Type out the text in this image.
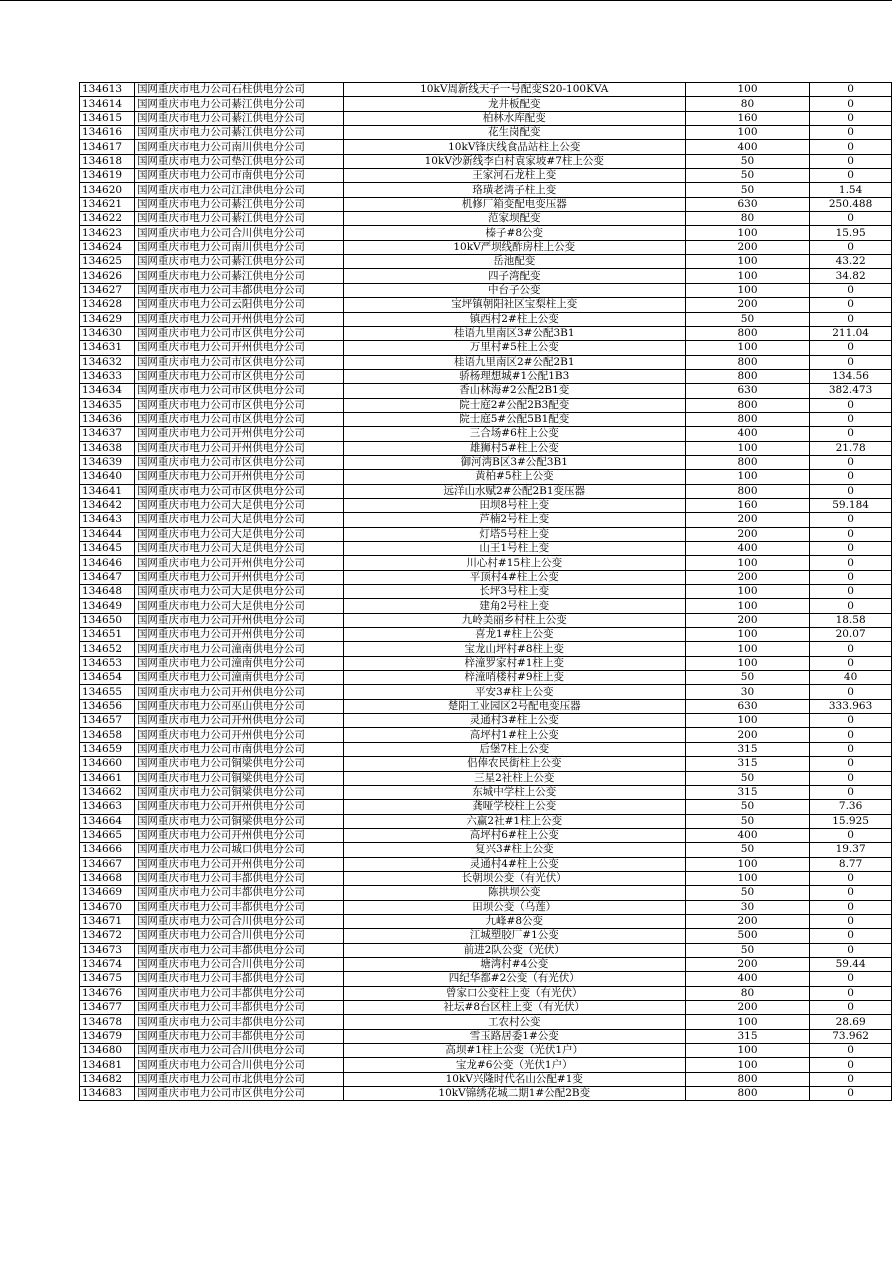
134613	国网重庆市电力公司石柱供电分公司	10kV周新线天子一号配变S20-100KVA	100	0
134614	国网重庆市电力公司綦江供电分公司	龙井板配变	80	0
134615	国网重庆市电力公司綦江供电分公司	柏林水库配变	160	0
134616	国网重庆市电力公司綦江供电分公司	花生岗配变	100	0
134617	国网重庆市电力公司南川供电分公司	10kV锋庆线食品站柱上公变	400	0
134618	国网重庆市电力公司垫江供电分公司	10kV沙新线李白村袁家坡#7柱上公变	50	0
134619	国网重庆市电力公司市南供电分公司	王家河石龙柱上变	50	0
134620	国网重庆市电力公司江津供电分公司	珞璜老湾子柱上变	50	1.54
134621	国网重庆市电力公司綦江供电分公司	机修厂箱变配电变压器	630	250.488
134622	国网重庆市电力公司綦江供电分公司	范家坝配变	80	0
134623	国网重庆市电力公司合川供电分公司	榛子#8公变	100	15.95
134624	国网重庆市电力公司南川供电分公司	10kV严坝线酢房柱上公变	200	0
134625	国网重庆市电力公司綦江供电分公司	岳池配变	100	43.22
134626	国网重庆市电力公司綦江供电分公司	四子湾配变	100	34.82
134627	国网重庆市电力公司丰都供电分公司	中台子公变	100	0
134628	国网重庆市电力公司云阳供电分公司	宝坪镇朝阳社区宝梨柱上变	200	0
134629	国网重庆市电力公司开州供电分公司	镇西村2#柱上公变	50	0
134630	国网重庆市电力公司市区供电分公司	桂语九里南区3#公配3B1	800	211.04
134631	国网重庆市电力公司开州供电分公司	万里村#5柱上公变	100	0
134632	国网重庆市电力公司市区供电分公司	桂语九里南区2#公配2B1	800	0
134633	国网重庆市电力公司市区供电分公司	骄杨理想城#1公配1B3	800	134.56
134634	国网重庆市电力公司市区供电分公司	香山林海#2公配2B1变	630	382.473
134635	国网重庆市电力公司市区供电分公司	院士庭2#公配2B3配变	800	0
134636	国网重庆市电力公司市区供电分公司	院士庭5#公配5B1配变	800	0
134637	国网重庆市电力公司开州供电分公司	三合场#6柱上公变	400	0
134638	国网重庆市电力公司开州供电分公司	雄狮村5#柱上公变	100	21.78
134639	国网重庆市电力公司市区供电分公司	御河湾B区3#公配3B1	800	0
134640	国网重庆市电力公司开州供电分公司	黄柏#5柱上公变	100	0
134641	国网重庆市电力公司市区供电分公司	远洋山水赋2#公配2B1变压器	800	0
134642	国网重庆市电力公司大足供电分公司	田坝8号柱上变	160	59.184
134643	国网重庆市电力公司大足供电分公司	芦楠2号柱上变	200	0
134644	国网重庆市电力公司大足供电分公司	灯塔5号柱上变	200	0
134645	国网重庆市电力公司大足供电分公司	山王1号柱上变	400	0
134646	国网重庆市电力公司开州供电分公司	川心村#15柱上公变	100	0
134647	国网重庆市电力公司开州供电分公司	平顶村4#柱上公变	200	0
134648	国网重庆市电力公司大足供电分公司	长坪3号柱上变	100	0
134649	国网重庆市电力公司大足供电分公司	建角2号柱上变	100	0
134650	国网重庆市电力公司开州供电分公司	九岭美丽乡村柱上公变	200	18.58
134651	国网重庆市电力公司开州供电分公司	喜龙1#柱上公变	100	20.07
134652	国网重庆市电力公司潼南供电分公司	宝龙山坪村#8柱上变	100	0
134653	国网重庆市电力公司潼南供电分公司	梓潼罗家村#1柱上变	100	0
134654	国网重庆市电力公司潼南供电分公司	梓潼哨楼村#9柱上变	50	40
134655	国网重庆市电力公司开州供电分公司	平安3#柱上公变	30	0
134656	国网重庆市电力公司巫山供电分公司	楚阳工业园区2号配电变压器	630	333.963
134657	国网重庆市电力公司开州供电分公司	灵通村3#柱上公变	100	0
134658	国网重庆市电力公司开州供电分公司	高坪村1#柱上公变	200	0
134659	国网重庆市电力公司市南供电分公司	后堡7柱上公变	315	0
134660	国网重庆市电力公司铜梁供电分公司	侣俸农民街柱上公变	315	0
134661	国网重庆市电力公司铜梁供电分公司	三星2社柱上公变	50	0
134662	国网重庆市电力公司铜梁供电分公司	东城中学柱上公变	315	0
134663	国网重庆市电力公司开州供电分公司	龚哑学校柱上公变	50	7.36
134664	国网重庆市电力公司铜梁供电分公司	六赢2社#1柱上公变	50	15.925
134665	国网重庆市电力公司开州供电分公司	高坪村6#柱上公变	400	0
134666	国网重庆市电力公司城口供电分公司	复兴3#柱上公变	50	19.37
134667	国网重庆市电力公司开州供电分公司	灵通村4#柱上公变	100	8.77
134668	国网重庆市电力公司丰都供电分公司	长朝坝公变（有光伏）	100	0
134669	国网重庆市电力公司丰都供电分公司	陈拱坝公变	50	0
134670	国网重庆市电力公司丰都供电分公司	田坝公变（乌莲）	30	0
134671	国网重庆市电力公司合川供电分公司	九峰#8公变	200	0
134672	国网重庆市电力公司合川供电分公司	江城塑胶厂#1公变	500	0
134673	国网重庆市电力公司丰都供电分公司	前进2队公变（光伏）	50	0
134674	国网重庆市电力公司合川供电分公司	塘湾村#4公变	200	59.44
134675	国网重庆市电力公司丰都供电分公司	四纪华都#2公变（有光伏）	400	0
134676	国网重庆市电力公司丰都供电分公司	曾家口公变柱上变（有光伏）	80	0
134677	国网重庆市电力公司丰都供电分公司	社坛#8台区柱上变（有光伏）	200	0
134678	国网重庆市电力公司丰都供电分公司	工农村公变	100	28.69
134679	国网重庆市电力公司丰都供电分公司	雪玉路居委1#公变	315	73.962
134680	国网重庆市电力公司合川供电分公司	高坝#1柱上公变（光伏1户）	100	0
134681	国网重庆市电力公司合川供电分公司	宝龙#6公变（光伏1户）	100	0
134682	国网重庆市电力公司市北供电分公司	10kV兴隆时代名山公配#1变	800	0
134683	国网重庆市电力公司市区供电分公司	10kV锦绣花城二期1#公配2B变	800	0
